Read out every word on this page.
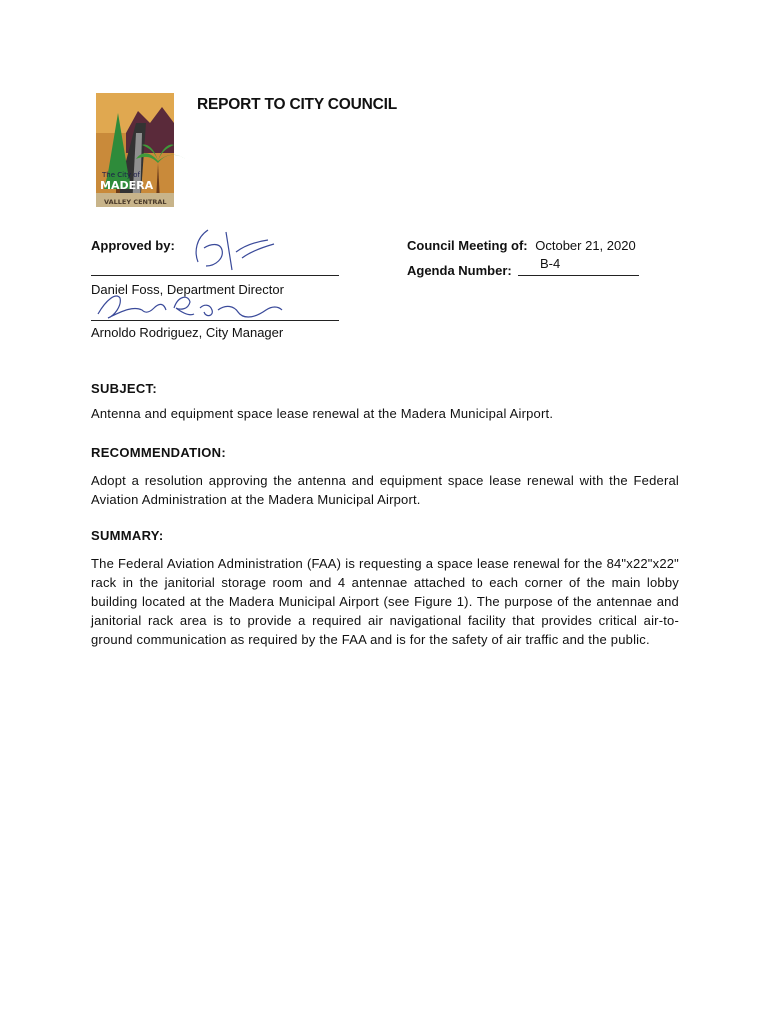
The City of
MADERA
VALLEY CENTRAL
REPORT TO CITY COUNCIL
Approved by:
Daniel Foss, Department Director
Arnoldo Rodriguez, City Manager
Council Meeting of: October 21, 2020
Agenda Number: B-4
SUBJECT:
Antenna and equipment space lease renewal at the Madera Municipal Airport.
RECOMMENDATION:
Adopt a resolution approving the antenna and equipment space lease renewal with the Federal Aviation Administration at the Madera Municipal Airport.
SUMMARY:
The Federal Aviation Administration (FAA) is requesting a space lease renewal for the 84"x22"x22" rack in the janitorial storage room and 4 antennae attached to each corner of the main lobby building located at the Madera Municipal Airport (see Figure 1). The purpose of the antennae and janitorial rack area is to provide a required air navigational facility that provides critical air-to-ground communication as required by the FAA and is for the safety of air traffic and the public.
